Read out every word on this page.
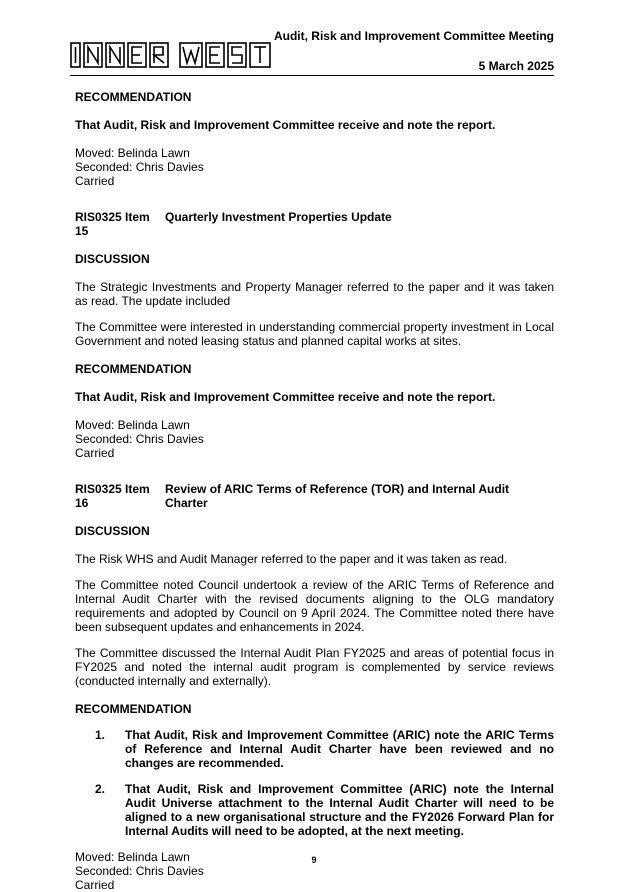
Audit, Risk and Improvement Committee Meeting
5 March 2025

RECOMMENDATION

That Audit, Risk and Improvement Committee receive and note the report.

Moved: Belinda Lawn

Seconded: Chris Davies

Carried

RIS0325 Item 15
Quarterly Investment Properties Update

DISCUSSION

The Strategic Investments and Property Manager referred to the paper and it was taken as read. The update included

The Committee were interested in understanding commercial property investment in Local Government and noted leasing status and planned capital works at sites.

RECOMMENDATION

That Audit, Risk and Improvement Committee receive and note the report.

Moved: Belinda Lawn

Seconded: Chris Davies

Carried

RIS0325 Item 16
Review of ARIC Terms of Reference (TOR) and Internal Audit Charter

DISCUSSION

The Risk WHS and Audit Manager referred to the paper and it was taken as read.

The Committee noted Council undertook a review of the ARIC Terms of Reference and Internal Audit Charter with the revised documents aligning to the OLG mandatory requirements and adopted by Council on 9 April 2024. The Committee noted there have been subsequent updates and enhancements in 2024.

The Committee discussed the Internal Audit Plan FY2025 and areas of potential focus in FY2025 and noted the internal audit program is complemented by service reviews (conducted internally and externally).

RECOMMENDATION

1.	That Audit, Risk and Improvement Committee (ARIC) note the ARIC Terms of Reference and Internal Audit Charter have been reviewed and no changes are recommended.
2.	That Audit, Risk and Improvement Committee (ARIC) note the Internal Audit Universe attachment to the Internal Audit Charter will need to be aligned to a new organisational structure and the FY2026 Forward Plan for Internal Audits will need to be adopted, at the next meeting.

Moved: Belinda Lawn

Seconded: Chris Davies

Carried

9
